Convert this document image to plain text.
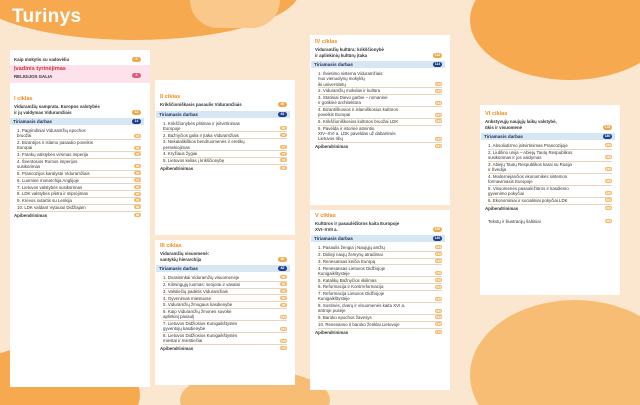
Turinys
Kaip mokytis su vadovėliu	3
Įvadinis tyrinėjimas
RELIGIJOS GALIA	4
I ciklas
Viduramžių samprata. Europos valstybės
ir jų valdymas Viduramžiais	12
Tiriamasis darbas	14
1. Pagrindiniai Viduramžių epochos
bruožai	18
2. Bizantijos ir islamo pasaulio poveikis
Europai	28
3. Frankų valstybės virsmas imperija	34
4. Šventosios Romos imperijos
susikūrimas	40
5. Prancūzijos karalystė Viduramžiais	46
6. Luominė monarchija Anglijoje	54
7. Lietuvos valstybės susikūrimas	62
8. LDK valstybės plėtra ir stiprėjimas	68
9. Krėvos sutartis su Lenkija	76
10. LDK valdant Vytautui Didžiajam	82
Apibendrinimas	88
II ciklas
Krikščioniškasis pasaulis Viduramžiais	60
Tiriamasis darbas	62
1. Krikščionybės plitimas ir įsitvirtinimas
Europoje	66
2. Bažnyčios galia ir įtaka Viduramžiais	70
3. Nekatalikiškos bendruomenės ir eretikų
persekiojimas	74
4. Kryžiaus žygiai	76
5. Lietuvos kelias į krikščionybę	78
Apibendrinimas	82
III ciklas
Viduramžių visuomenė:
santykių hierarchija	80
Tiriamasis darbas	82
1. Dvasininkai Viduramžių visuomenėje	86
2. Kilmingųjų luomas: senjorai ir vasalai	88
3. Valstiečių padėtis Viduramžiais	92
4. Gyvenimas miestuose	96
5. Viduramžių žmogaus kasdienybė	98
6. Kaip Viduramžių žmonės suvokė
aplinkinį pasaulį	102
7. Lietuvos Didžiosios Kunigaikštystės
gyventojų kasdienybė	104
8. Lietuvos Didžiosios Kunigaikštystės
miestai ir miestiečiai	106
Apibendrinimas	110
IV ciklas
Viduramžių kultūra: krikščionybė
ir aplinkinių kultūrų įtaka	112
Tiriamasis darbas	114
1. Švietimo sistema Viduramžiais:
nuo vienuolynų mokyklų
iki universitetų	118
2. Viduramžių mokslas ir kultūra	120
3. Statiniai Dievo garbei – romaninė
ir gotikinė architektūra	122
4. Bizantiškosios ir islamiškosios kultūros
poveikis Europai	124
5. Krikščioniškosios kultūros bruožai LDK	126
6. Pavėlda ir istorinė atmintis.
XIV–XVI a. LDK paveldas už dabartinės
Lietuvos ribų	130
Apibendrinimas	134
V ciklas
Kultūros ir pasaulėžiūros kaita Europoje
XVI–XVII a.	138
Tiriamasis darbas	140
1. Pasaulis žengia į Naujųjų amžių	144
2. Didieji naujų žemynų atradimai	146
3. Renesansas keičia Europą	148
4. Renesansas Lietuvos Didžiojoje
Kunigaikštystėje	150
5. Katalikų Bažnyčios skilimas	152
6. Reformacija ir Kontrreformacija	154
7. Reformacija Lietuvos Didžiojoje
Kunigaikštystėje	158
8. Sostinės, dvarų ir visuomenės kaita XVI a.
antroje pusėje	160
9. Baroko epochos žavesys	164
10. Renesanso ir baroko ženklai Lietuvoje	168
Apibendrinimas	170
VI ciklas
Ankstyvųjų naujųjų laikų valstybė,
ūkis ir visuomenė	176
Tiriamasis darbas	180
1. Absoliutizmo įsitvirtinimas Prancūzijoje	184
2. Liublino unija – Abiejų Tautų Respublikos
susikūrimas ir jos valdymas	188
3. Abiejų Tautų Respublikos karai su Rusija
ir Švedija	192
4. Modernėjančios ekonomikės sistemos
formavimasis Europoje	196
5. Visuomenės pasaulėžiūros ir kasdienio
gyvenimo pokyčiai	198
6. Ekonominiai ir socialiniai pokyčiai LDK	200
Apibendrinimas	204
Tekstų ir iliustracijų šaltiniai	206
